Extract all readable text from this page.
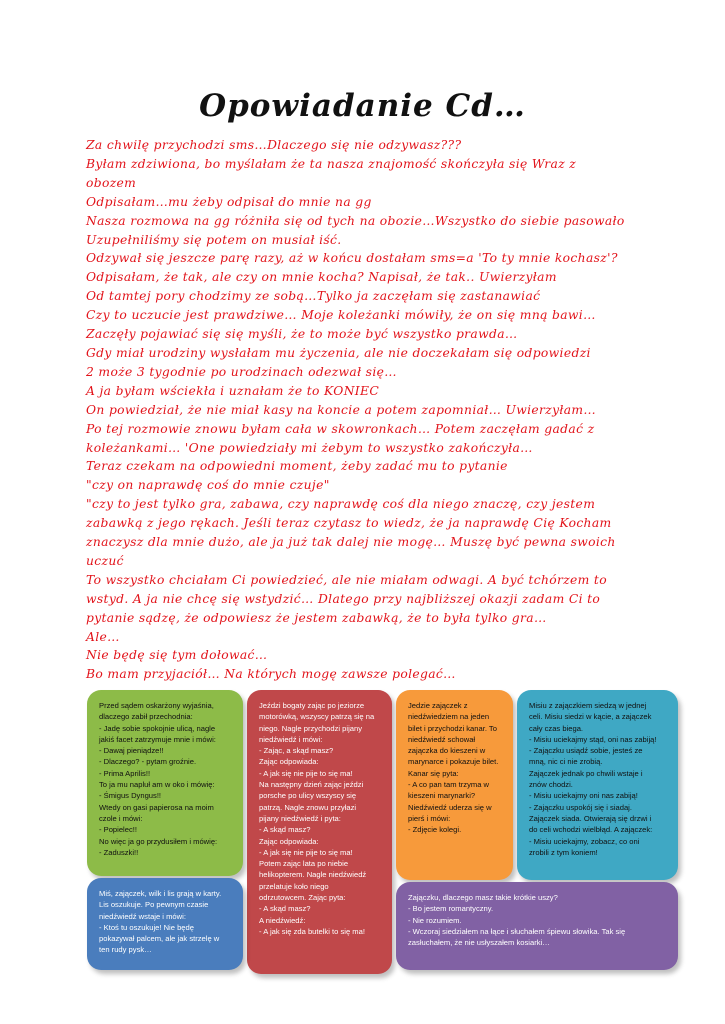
Opowiadanie Cd…

Za chwilę przychodzi sms…Dlaczego się nie odzywasz???

Byłam zdziwiona, bo myślałam że ta nasza znajomość skończyła się Wraz z

obozem

Odpisałam…mu żeby odpisał do mnie na gg

Nasza rozmowa na gg różniła się od tych na obozie…Wszystko do siebie pasowało

Uzupełniliśmy się potem on musiał iść.

Odzywał się jeszcze parę razy, aż w końcu dostałam sms=a 'To ty mnie kochasz'?

Odpisałam, że tak, ale czy on mnie kocha? Napisał, że tak.. Uwierzyłam

Od tamtej pory chodzimy ze sobą…Tylko ja zaczęłam się zastanawiać

Czy to uczucie jest prawdziwe… Moje koleżanki mówiły, że on się mną bawi…

Zaczęły pojawiać się się myśli, że to może być wszystko prawda…

Gdy miał urodziny wysłałam mu życzenia, ale nie doczekałam się odpowiedzi

2 może 3 tygodnie po urodzinach odezwał się…

A ja byłam wściekła i uznałam że to KONIEC

On powiedział, że nie miał kasy na koncie a potem zapomniał… Uwierzyłam…

Po tej rozmowie znowu byłam cała w skowronkach… Potem zaczęłam gadać z

koleżankami… 'One powiedziały mi żebym to wszystko zakończyła…

Teraz czekam na odpowiedni moment, żeby zadać mu to pytanie

"czy on naprawdę coś do mnie czuje"

"czy to jest tylko gra, zabawa, czy naprawdę coś dla niego znaczę, czy jestem

zabawką z jego rękach. Jeśli teraz czytasz to wiedz, że ja naprawdę Cię Kocham

znaczysz dla mnie dużo, ale ja już tak dalej nie mogę… Muszę być pewna swoich

uczuć

To wszystko chciałam Ci powiedzieć, ale nie miałam odwagi. A być tchórzem to

wstyd. A ja nie chcę się wstydzić… Dlatego przy najbliższej okazji zadam Ci to

pytanie sądzę, że odpowiesz że jestem zabawką, że to była tylko gra…

Ale…

Nie będę się tym dołować…

Bo mam przyjaciół… Na których mogę zawsze polegać…

Przed sądem oskarżony wyjaśnia,

dlaczego zabił przechodnia:

- Jadę sobie spokojnie ulicą, nagle

jakiś facet zatrzymuje mnie i mówi:

- Dawaj pieniądze!!

- Dlaczego? - pytam groźnie.

- Prima Aprilis!!

To ja mu napluł am w oko i mówię:

- Śmigus Dyngus!!

Wtedy on gasi papierosa na moim

czole i mówi:

- Popielec!!

No więc ja go przydusiłem i mówię:

- Zaduszki!!

Jeździ bogaty zając po jeziorze

motorówką, wszyscy patrzą się na

niego. Nagle przychodzi pijany

niedźwiedź i mówi:

- Zając, a skąd masz?

Zając odpowiada:

- A jak się nie pije to się ma!

Na następny dzień zając jeździ

porsche po ulicy wszyscy się

patrzą. Nagle znowu przyłazi

pijany niedźwiedź i pyta:

- A skąd masz?

Zając odpowiada:

- A jak się nie pije to się ma!

Potem zając lata po niebie

helikopterem. Nagle niedźwiedź

przelatuje koło niego

odrzutowcem. Zając pyta:

- A skąd masz?

A niedźwiedź:

- A jak się zda butelki to się ma!

Jedzie zajączek z

niedźwiedziem na jeden

bilet i przychodzi kanar. To

niedźwiedź schował

zajączka do kieszeni w

marynarce i pokazuje bilet.

Kanar się pyta:

- A co pan tam trzyma w

kieszeni marynarki?

Niedźwiedź uderza się w

pierś i mówi:

- Zdjęcie kolegi.

Misiu z zajączkiem siedzą w jednej

celi. Misiu siedzi w kącie, a zajączek

cały czas biega.

- Misiu uciekajmy stąd, oni nas zabiją!

- Zajączku usiądź sobie, jesteś ze

mną, nic ci nie zrobią.

Zajączek jednak po chwili wstaje i

znów chodzi.

- Misiu uciekajmy oni nas zabiją!

- Zajączku uspokój się i siadaj.

Zajączek siada. Otwierają się drzwi i

do celi wchodzi wielbłąd. A zajączek:

- Misiu uciekajmy, zobacz, co oni

zrobili z tym koniem!

Miś, zajączek, wilk i lis grają w karty.

Lis oszukuje. Po pewnym czasie

niedźwiedź wstaje i mówi:

- Ktoś tu oszukuje! Nie będę

pokazywał palcem, ale jak strzelę w

ten rudy pysk…

Zajączku, dlaczego masz takie krótkie uszy?

- Bo jestem romantyczny.

- Nie rozumiem.

- Wczoraj siedziałem na łące i słuchałem śpiewu słowika. Tak się

zasłuchałem, że nie usłyszałem kosiarki…
